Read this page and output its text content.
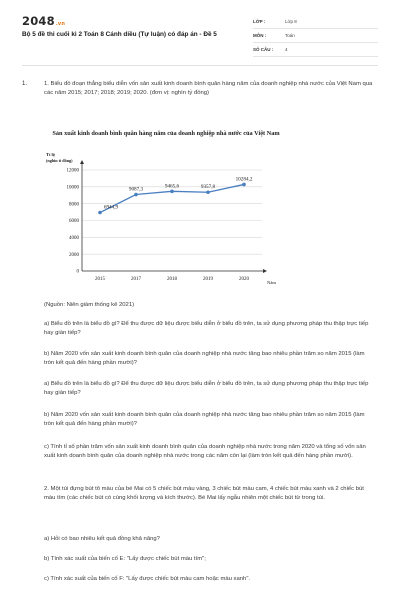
2048.vn
Bộ 5 đề thi cuối kì 2 Toán 8 Cánh diều (Tự luận) có đáp án - Đề 5
LỚP :	Lớp 8
MÔN :	Toán
SỐ CÂU :	4
1.	1. Biểu đồ đoạn thẳng biểu diễn vốn sản xuất kinh doanh bình quân hàng năm của doanh nghiệp nhà nước của Việt Nam qua các năm 2015; 2017; 2018; 2019; 2020. (đơn vị: nghìn tỷ đồng)
Sản xuất kinh doanh bình quân hàng năm của doanh nghiệp nhà nước của Việt Nam
Tỉ lệ
(nghìn tỉ đồng)
Năm
0
2000
4000
6000
8000
10000
12000
2015	2017	2018	2019	2020
6944,9
9087,3
9465,6	9357,8
10284,2
(Nguồn: Niên giám thống kê 2021)
a) Biểu đồ trên là biểu đồ gì? Để thu được dữ liệu được biểu diễn ở biểu đồ trên, ta sử dụng phương pháp thu thập trực tiếp hay gián tiếp?
b) Năm 2020 vốn sản xuất kinh doanh bình quân của doanh nghiệp nhà nước tăng bao nhiêu phần trăm so năm 2015 (làm tròn kết quả đến hàng phần mười)?
a) Biểu đồ trên là biểu đồ gì? Để thu được dữ liệu được biểu diễn ở biểu đồ trên, ta sử dụng phương pháp thu thập trực tiếp hay gián tiếp?
b) Năm 2020 vốn sản xuất kinh doanh bình quân của doanh nghiệp nhà nước tăng bao nhiêu phần trăm so năm 2015 (làm tròn kết quả đến hàng phần mười)?
c) Tính tỉ số phần trăm vốn sản xuất kinh doanh bình quân của doanh nghiệp nhà nước trong năm 2020 và tổng số vốn sản xuất kinh doanh bình quân của doanh nghiệp nhà nước trong các năm còn lại (làm tròn kết quả đến hàng phần mười).
2. Một túi đựng bút tô màu của bé Mai có 5 chiếc bút màu vàng, 3 chiếc bút màu cam, 4 chiếc bút màu xanh và 2 chiếc bút màu tím (các chiếc bút có cùng khối lượng và kích thước). Bé Mai lấy ngẫu nhiên một chiếc bút từ trong túi.
a) Hỏi có bao nhiêu kết quả đồng khả năng?
b) Tính xác suất của biến cố E: "Lấy được chiếc bút màu tím";
c) Tính xác suất của biến cố F: "Lấy được chiếc bút màu cam hoặc màu xanh".
